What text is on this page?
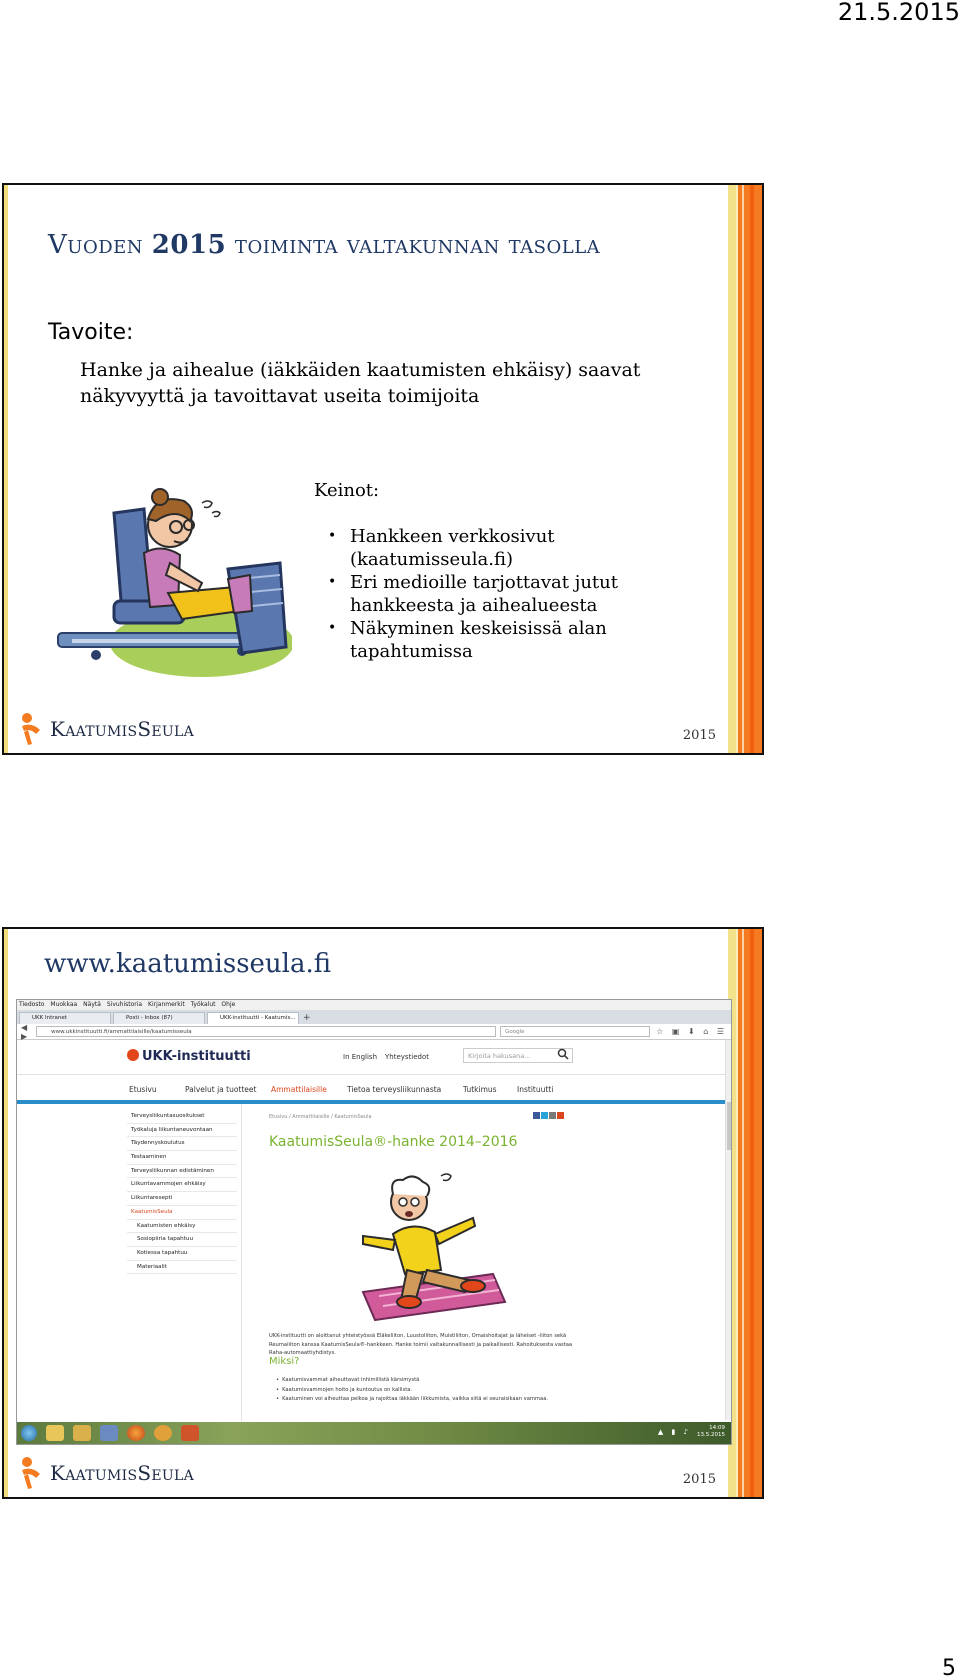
21.5.2015
Vuoden 2015 toiminta valtakunnan tasolla
Tavoite:
Hanke ja aihealue (iäkkäiden kaatumisten ehkäisy) saavat näkyvyyttä ja tavoittavat useita toimijoita
Keinot:
• Hankkeen verkkosivut (kaatumisseula.fi)
• Eri medioille tarjottavat jutut hankkeesta ja aihealueesta
• Näkyminen keskeisissä alan tapahtumissa
KaatumisSeula	2015
www.kaatumisseula.fi
Tiedosto Muokkaa Näytä Sivuhistoria Kirjanmerkit Työkalut Ohje
UKK Intranet	Posti - Inbox (87)	UKK-instituutti - Kaatumis... +
◀ ▶	www.ukkinstituutti.fi/ammattilaisille/kaatumisseula	Google	☆ ▣ ⬇ ⌂ ☰
UKK-instituutti	In English Yhteystiedot	Kirjoita hakusana...
Etusivu	Palvelut ja tuotteet Ammattilaisille	Tietoa terveysliikunnasta	Tutkimus	Instituutti
Terveysliikuntasuositukset
Työkaluja liikuntaneuvontaan
Täydennyskoulutus
Testaaminen
Terveysliikunnan edistäminen
Liikuntavammojen ehkäisy
Liikuntaresepti
KaatumisSeula
Kaatumisten ehkäisy
Sosiopiiria tapahtuu
Kotiessa tapahtuu
Materiaalit
Etusivu / Ammattilaisille / KaatumisSeula
KaatumisSeula®-hanke 2014–2016
UKK-instituutti on aloittanut yhteistyössä Eläkeliiton, Luustoliiton, Muistiliiton, Omaishoitajat ja läheiset -liiton sekä Reumaliiton kanssa KaatumisSeula®-hankkeen. Hanke toimii valtakunnallisesti ja paikallisesti. Rahoituksesta vastaa Raha-automaattiyhdistys.
Miksi?
• Kaatumisvammat aiheuttavat inhimillistä kärsimystä
• Kaatumisvammojen hoito ja kuntoutus on kallista.
• Kaatuminen voi aiheuttaa pelkoa ja rajoittaa iäkkään liikkumista, vaikka siitä ei seuraisikaan vammaa.
▲ ▮ ♪	14:09
13.5.2015
KaatumisSeula	2015
5
